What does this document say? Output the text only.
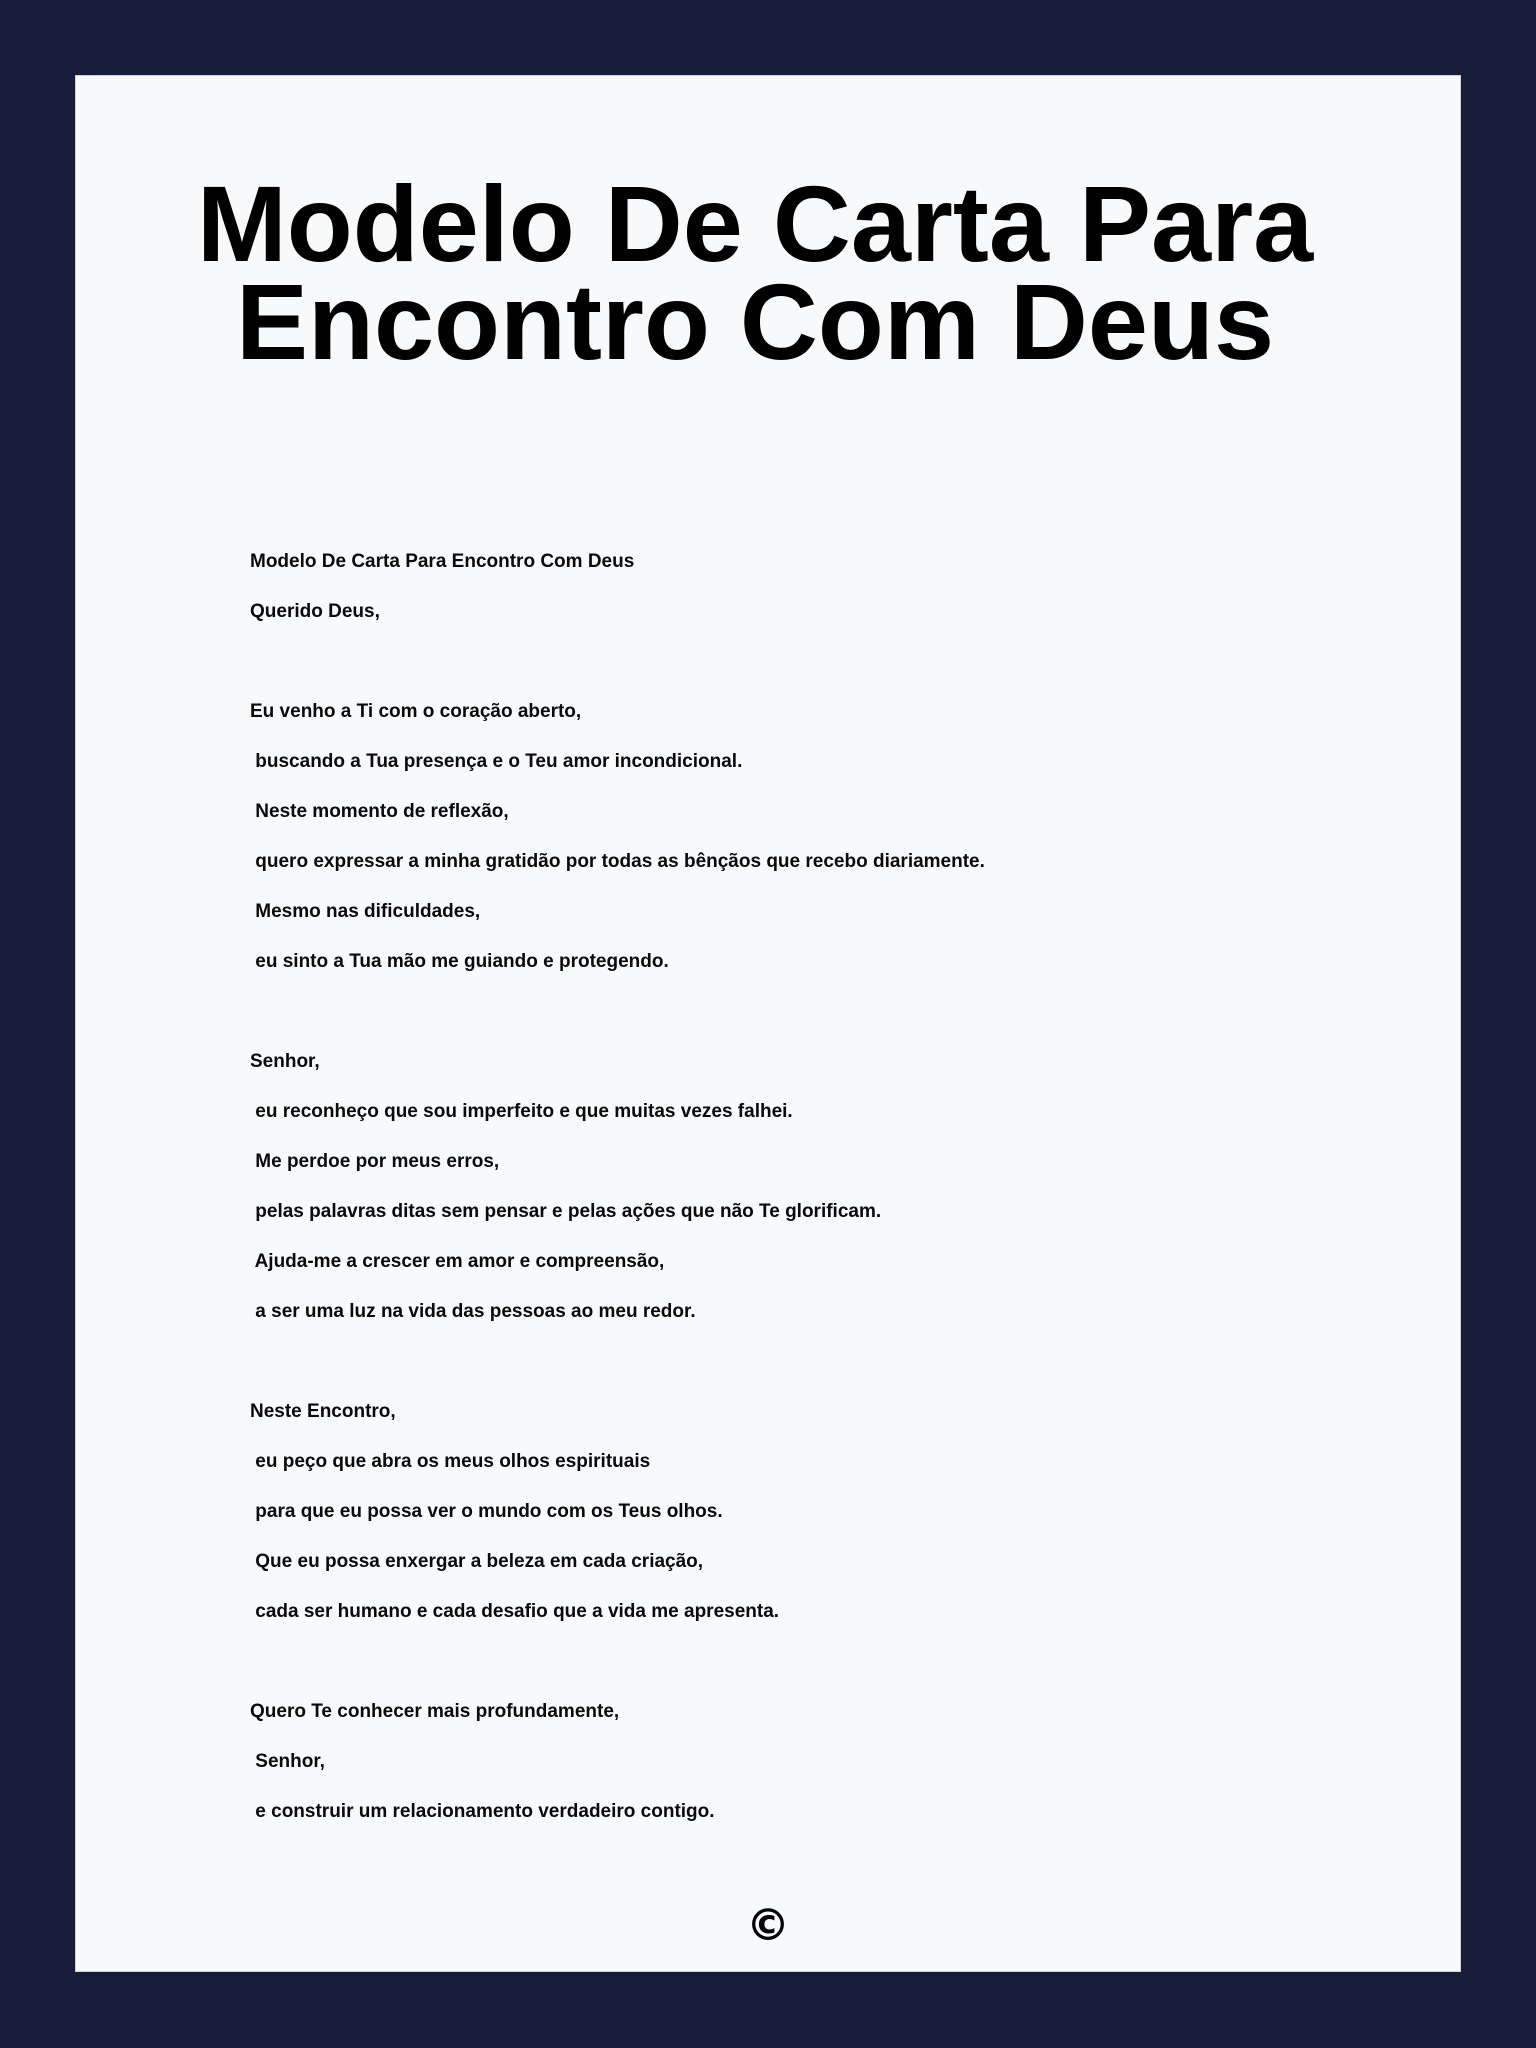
Modelo De Carta Para
Encontro Com Deus
Modelo De Carta Para Encontro Com Deus
Querido Deus,
Eu venho a Ti com o coração aberto,
buscando a Tua presença e o Teu amor incondicional.
Neste momento de reflexão,
quero expressar a minha gratidão por todas as bênçãos que recebo diariamente.
Mesmo nas dificuldades,
eu sinto a Tua mão me guiando e protegendo.
Senhor,
eu reconheço que sou imperfeito e que muitas vezes falhei.
Me perdoe por meus erros,
pelas palavras ditas sem pensar e pelas ações que não Te glorificam.
Ajuda-me a crescer em amor e compreensão,
a ser uma luz na vida das pessoas ao meu redor.
Neste Encontro,
eu peço que abra os meus olhos espirituais
para que eu possa ver o mundo com os Teus olhos.
Que eu possa enxergar a beleza em cada criação,
cada ser humano e cada desafio que a vida me apresenta.
Quero Te conhecer mais profundamente,
Senhor,
e construir um relacionamento verdadeiro contigo.
©
